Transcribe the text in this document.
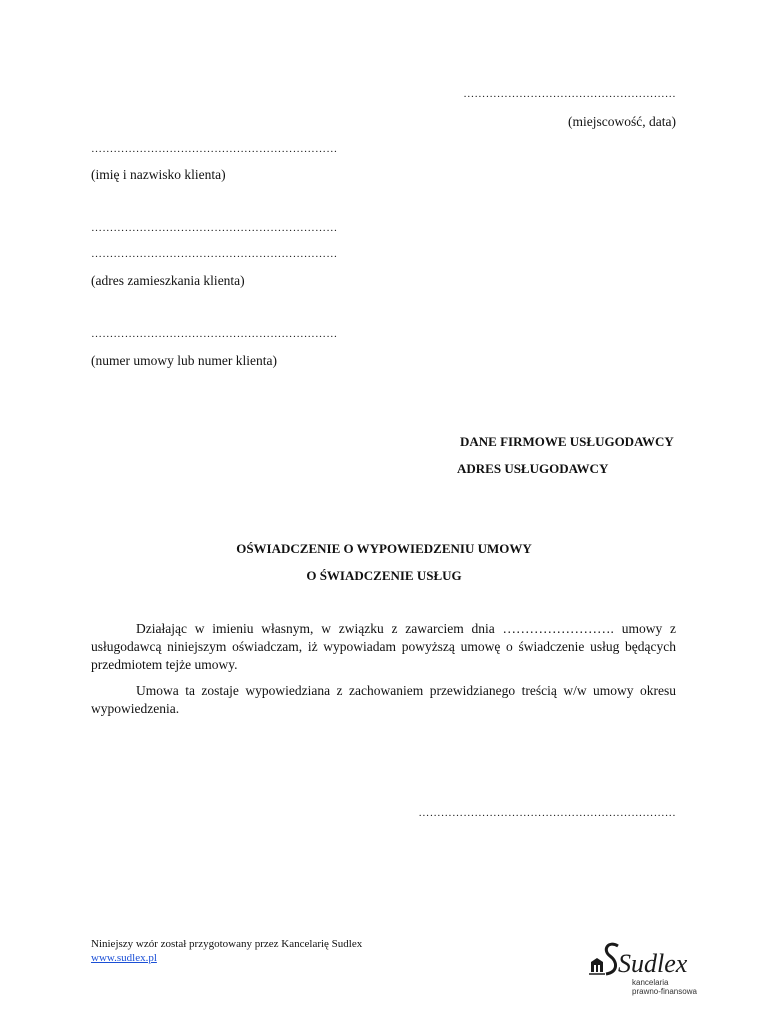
…………………………………………………
(miejscowość, data)
…………………………………………………………
(imię i nazwisko klienta)
…………………………………………………………
…………………………………………………………
(adres zamieszkania klienta)
…………………………………………………………
(numer umowy lub numer klienta)
DANE FIRMOWE USŁUGODAWCY
ADRES USŁUGODAWCY
OŚWIADCZENIE O WYPOWIEDZENIU UMOWY
O ŚWIADCZENIE USŁUG

Działając w imieniu własnym, w związku z zawarciem dnia ……………………. umowy z usługodawcą niniejszym oświadczam, iż wypowiadam powyższą umowę o świadczenie usług będących przedmiotem tejże umowy.

Umowa ta zostaje wypowiedziana z zachowaniem przewidzianego treścią w/w umowy okresu wypowiedzenia.

……………………………………………………………
Niniejszy wzór został przygotowany przez Kancelarię Sudlex
www.sudlex.pl	Sudlex
kancelaria
prawno-finansowa
